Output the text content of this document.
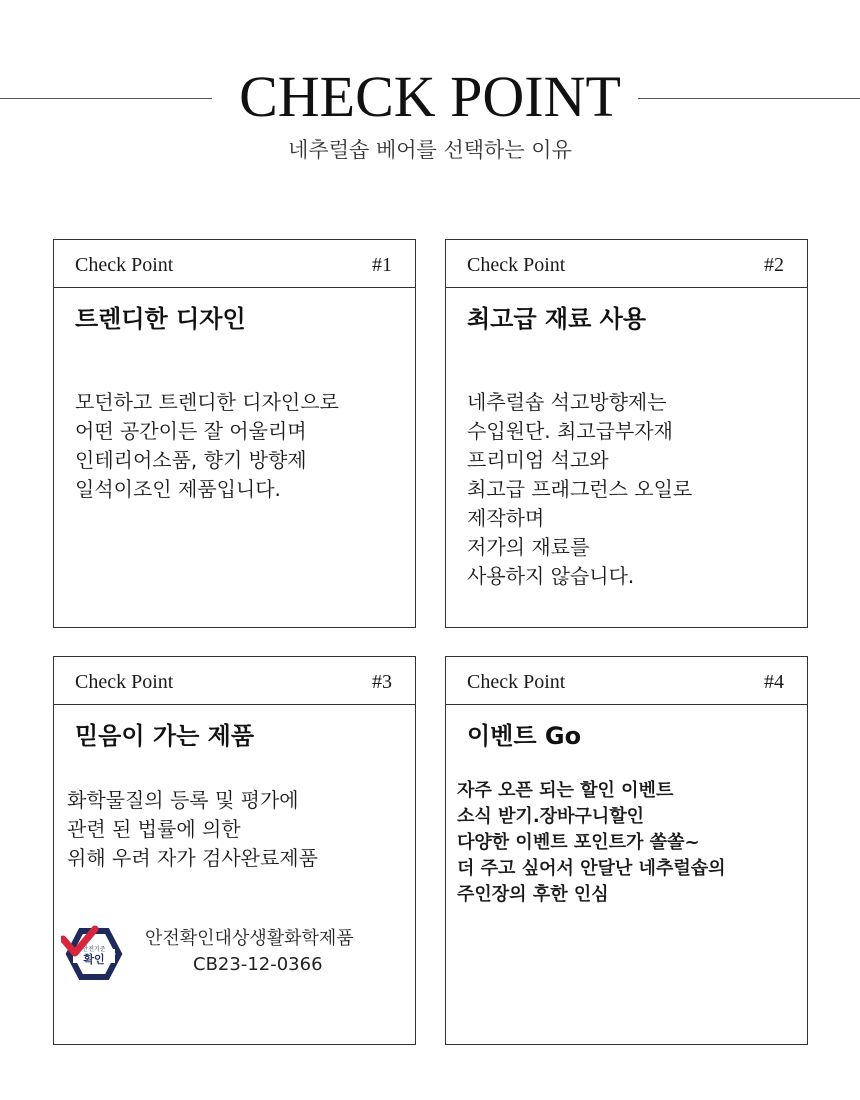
CHECK POINT
네추럴솝 베어를 선택하는 이유
Check Point	#1
트렌디한 디자인
모던하고 트렌디한 디자인으로
어떤 공간이든 잘 어울리며
인테리어소품, 향기 방향제
일석이조인 제품입니다.
Check Point	#2
최고급 재료 사용
네추럴솝 석고방향제는
수입원단. 최고급부자재
프리미엄 석고와
최고급 프래그런스 오일로
제작하며
저가의 재료를
사용하지 않습니다.
Check Point	#3
믿음이 가는 제품
화학물질의 등록 및 평가에
관련 된 법률에 의한
위해 우려 자가 검사완료제품
안전기준
확인
안전확인대상생활화학제품
CB23-12-0366
Check Point	#4
이벤트 Go
자주 오픈 되는 할인 이벤트
소식 받기.장바구니할인
다양한 이벤트 포인트가 쏠쏠~
더 주고 싶어서 안달난 네추럴솝의
주인장의 후한 인심
